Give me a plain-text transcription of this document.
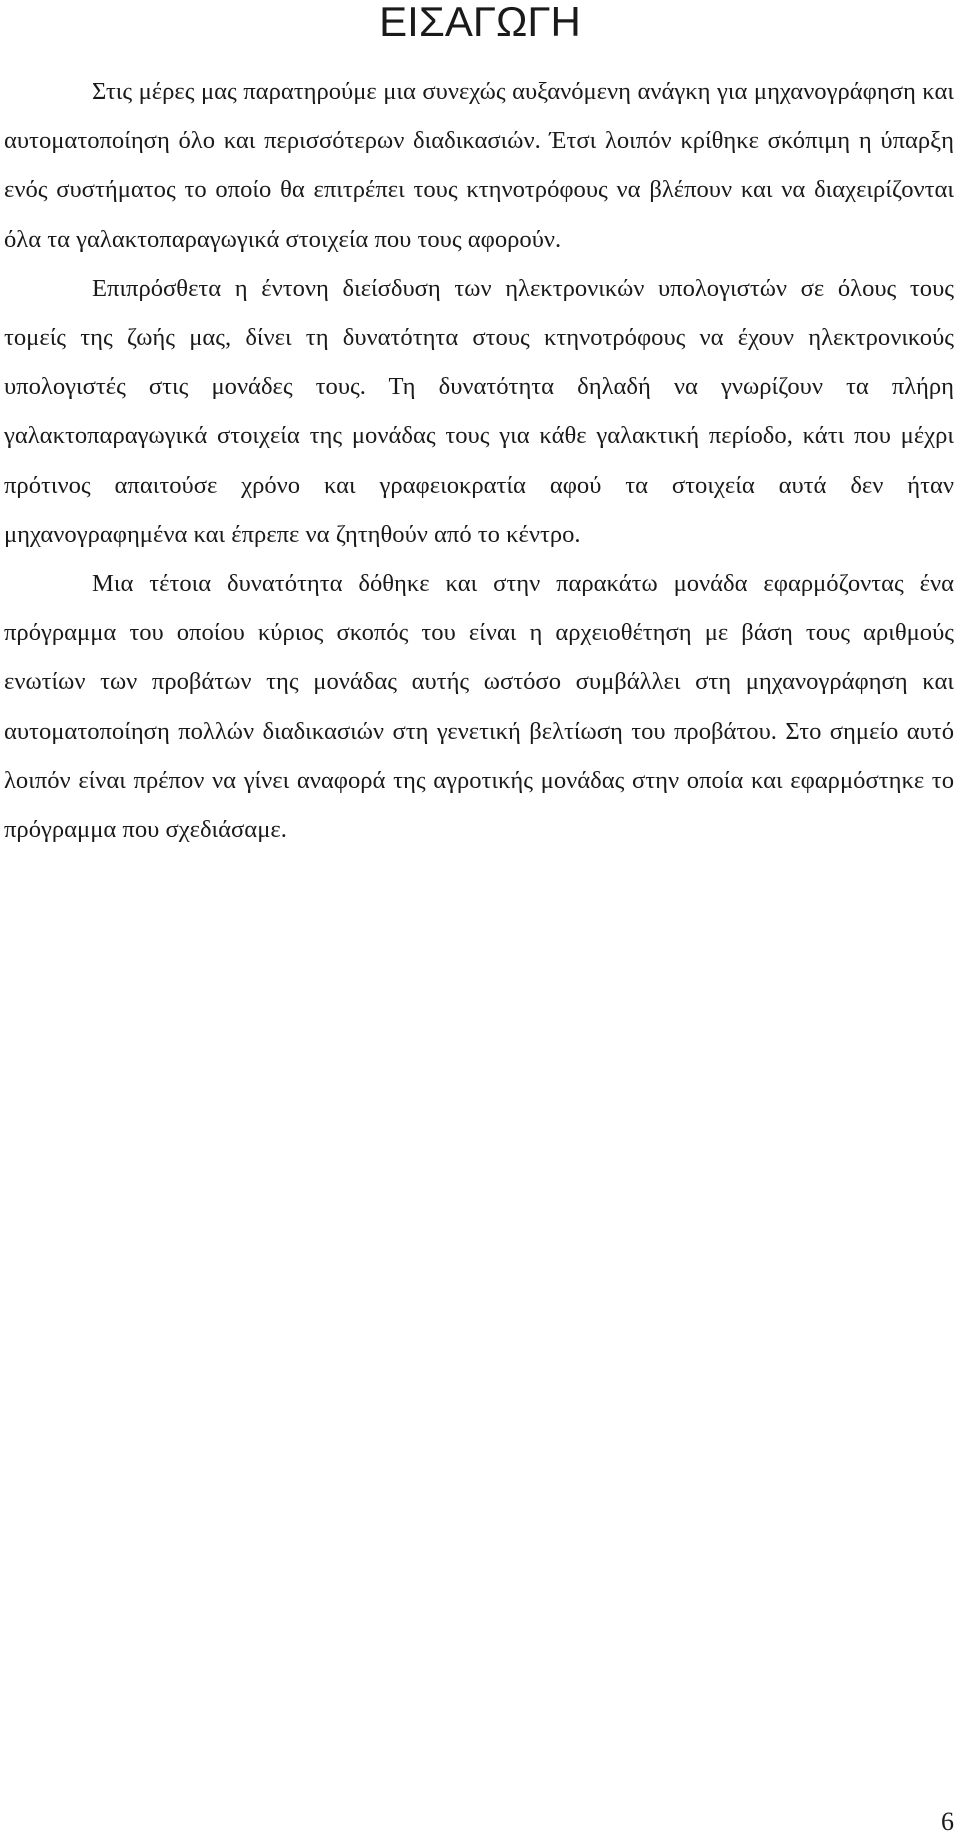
ΕΙΣΑΓΩΓΗ

Στις μέρες μας παρατηρούμε μια συνεχώς αυξανόμενη ανάγκη για μηχανογράφηση και αυτοματοποίηση όλο και περισσότερων διαδικασιών. Έτσι λοιπόν κρίθηκε σκόπιμη η ύπαρξη ενός συστήματος το οποίο θα επιτρέπει τους κτηνοτρόφους να βλέπουν και να διαχειρίζονται όλα τα γαλακτοπαραγωγικά στοιχεία που τους αφορούν.

Επιπρόσθετα η έντονη διείσδυση των ηλεκτρονικών υπολογιστών σε όλους τους τομείς της ζωής μας, δίνει τη δυνατότητα στους κτηνοτρόφους να έχουν ηλεκτρονικούς υπολογιστές στις μονάδες τους. Τη δυνατότητα δηλαδή να γνωρίζουν τα πλήρη γαλακτοπαραγωγικά στοιχεία της μονάδας τους για κάθε γαλακτική περίοδο, κάτι που μέχρι πρότινος απαιτούσε χρόνο και γραφειοκρατία αφού τα στοιχεία αυτά δεν ήταν μηχανογραφημένα και έπρεπε να ζητηθούν από το κέντρο.

Μια τέτοια δυνατότητα δόθηκε και στην παρακάτω μονάδα εφαρμόζοντας ένα πρόγραμμα του οποίου κύριος σκοπός του είναι η αρχειοθέτηση με βάση τους αριθμούς ενωτίων των προβάτων της μονάδας αυτής ωστόσο συμβάλλει στη μηχανογράφηση και αυτοματοποίηση πολλών διαδικασιών στη γενετική βελτίωση του προβάτου. Στο σημείο αυτό λοιπόν είναι πρέπον να γίνει αναφορά της αγροτικής μονάδας στην οποία και εφαρμόστηκε το πρόγραμμα που σχεδιάσαμε.

6
